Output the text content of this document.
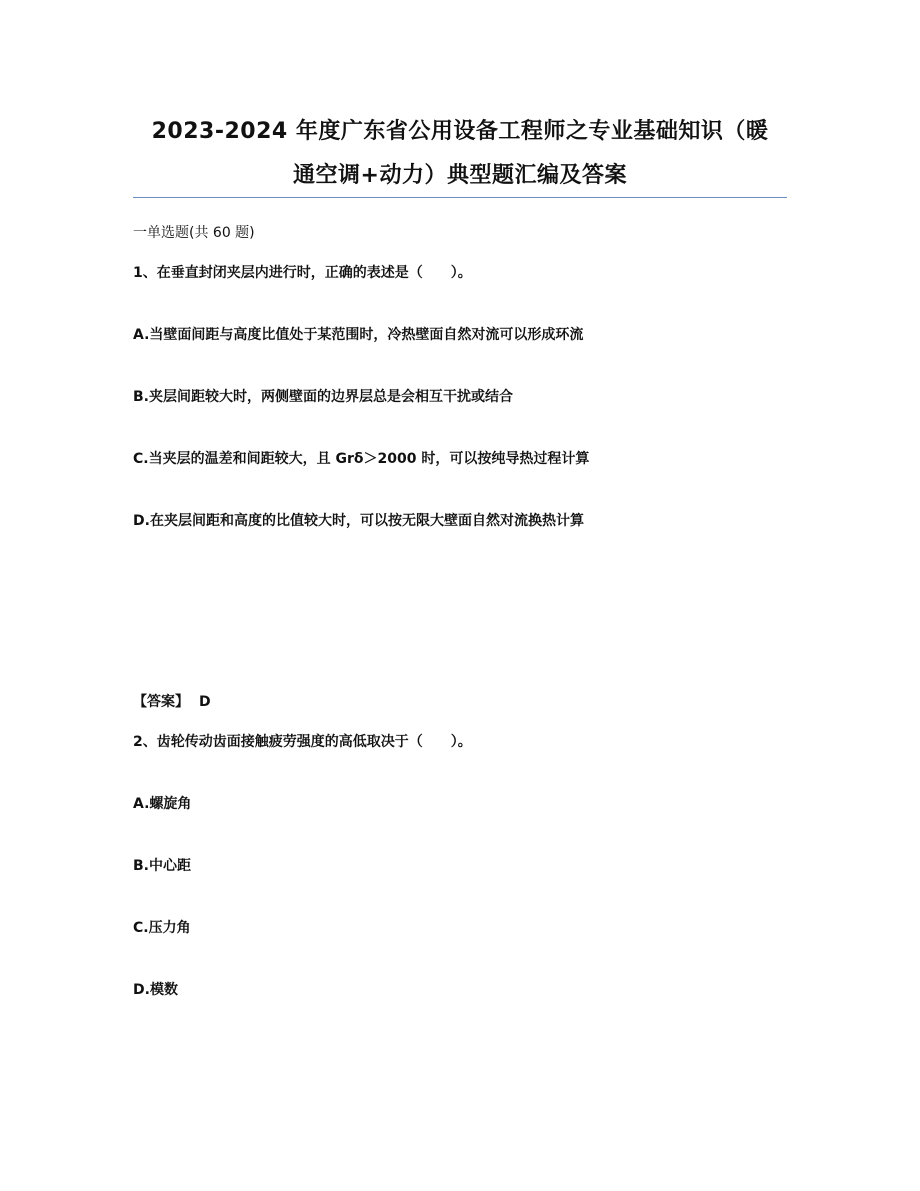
2023-2024 年度广东省公用设备工程师之专业基础知识（暖
通空调+动力）典型题汇编及答案
一单选题(共 60 题)
1、在垂直封闭夹层内进行时，正确的表述是（　　）。
A.当壁面间距与高度比值处于某范围时，冷热壁面自然对流可以形成环流
B.夹层间距较大时，两侧壁面的边界层总是会相互干扰或结合
C.当夹层的温差和间距较大，且 Grδ＞2000 时，可以按纯导热过程计算
D.在夹层间距和高度的比值较大时，可以按无限大壁面自然对流换热计算
【答案】 D
2、齿轮传动齿面接触疲劳强度的高低取决于（　　）。
A.螺旋角
B.中心距
C.压力角
D.模数
